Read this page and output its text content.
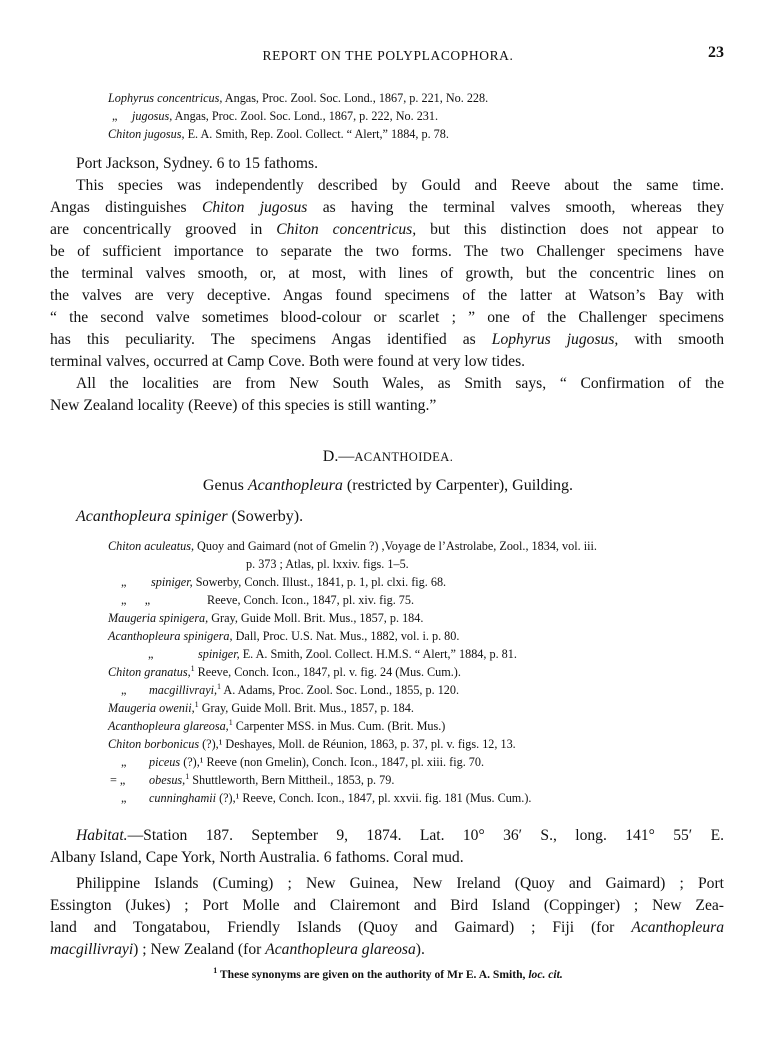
REPORT ON THE POLYPLACOPHORA.	23
Lophyrus concentricus, Angas, Proc. Zool. Soc. Lond., 1867, p. 221, No. 228.
„ jugosus, Angas, Proc. Zool. Soc. Lond., 1867, p. 222, No. 231.
Chiton jugosus, E. A. Smith, Rep. Zool. Collect. “ Alert,” 1884, p. 78.
Port Jackson, Sydney. 6 to 15 fathoms.
This species was independently described by Gould and Reeve about the same time.
Angas distinguishes Chiton jugosus as having the terminal valves smooth, whereas they
are concentrically grooved in Chiton concentricus, but this distinction does not appear to
be of sufficient importance to separate the two forms. The two Challenger specimens have
the terminal valves smooth, or, at most, with lines of growth, but the concentric lines on
the valves are very deceptive. Angas found specimens of the latter at Watson’s Bay with
“ the second valve sometimes blood-colour or scarlet ; ” one of the Challenger specimens
has this peculiarity. The specimens Angas identified as Lophyrus jugosus, with smooth
terminal valves, occurred at Camp Cove. Both were found at very low tides.
All the localities are from New South Wales, as Smith says, “ Confirmation of the
New Zealand locality (Reeve) of this species is still wanting.”
D.—ACANTHOIDEA.
Genus Acanthopleura (restricted by Carpenter), Guilding.
Acanthopleura spiniger (Sowerby).
Chiton aculeatus, Quoy and Gaimard (not of Gmelin ?) ,Voyage de l’Astrolabe, Zool., 1834, vol. iii.
p. 373 ; Atlas, pl. lxxiv. figs. 1–5.
„ spiniger, Sowerby, Conch. Illust., 1841, p. 1, pl. clxi. fig. 68.
„      „	Reeve, Conch. Icon., 1847, pl. xiv. fig. 75.
Maugeria spinigera, Gray, Guide Moll. Brit. Mus., 1857, p. 184.
Acanthopleura spinigera, Dall, Proc. U.S. Nat. Mus., 1882, vol. i. p. 80.
„	spiniger, E. A. Smith, Zool. Collect. H.M.S. “ Alert,” 1884, p. 81.
Chiton granatus,$^1$ Reeve, Conch. Icon., 1847, pl. v. fig. 24 (Mus. Cum.).
„ macgillivrayi,$^1$ A. Adams, Proc. Zool. Soc. Lond., 1855, p. 120.
Maugeria owenii,$^1$ Gray, Guide Moll. Brit. Mus., 1857, p. 184.
Acanthopleura glareosa,$^1$ Carpenter MSS. in Mus. Cum. (Brit. Mus.)
Chiton borbonicus (?),¹ Deshayes, Moll. de Réunion, 1863, p. 37, pl. v. figs. 12, 13.
„ piceus (?),¹ Reeve (non Gmelin), Conch. Icon., 1847, pl. xiii. fig. 70.
= „ obesus,$^1$ Shuttleworth, Bern Mittheil., 1853, p. 79.
„ cunninghamii (?),¹ Reeve, Conch. Icon., 1847, pl. xxvii. fig. 181 (Mus. Cum.).
Habitat.—Station 187. September 9, 1874. Lat. 10° 36′ S., long. 141° 55′ E.
Albany Island, Cape York, North Australia. 6 fathoms. Coral mud.
Philippine Islands (Cuming) ; New Guinea, New Ireland (Quoy and Gaimard) ; Port
Essington (Jukes) ; Port Molle and Clairemont and Bird Island (Coppinger) ; New Zea-
land and Tongatabou, Friendly Islands (Quoy and Gaimard) ; Fiji (for Acanthopleura
macgillivrayi) ; New Zealand (for Acanthopleura glareosa).
$^1$ These synonyms are given on the authority of Mr E. A. Smith, loc. cit.
